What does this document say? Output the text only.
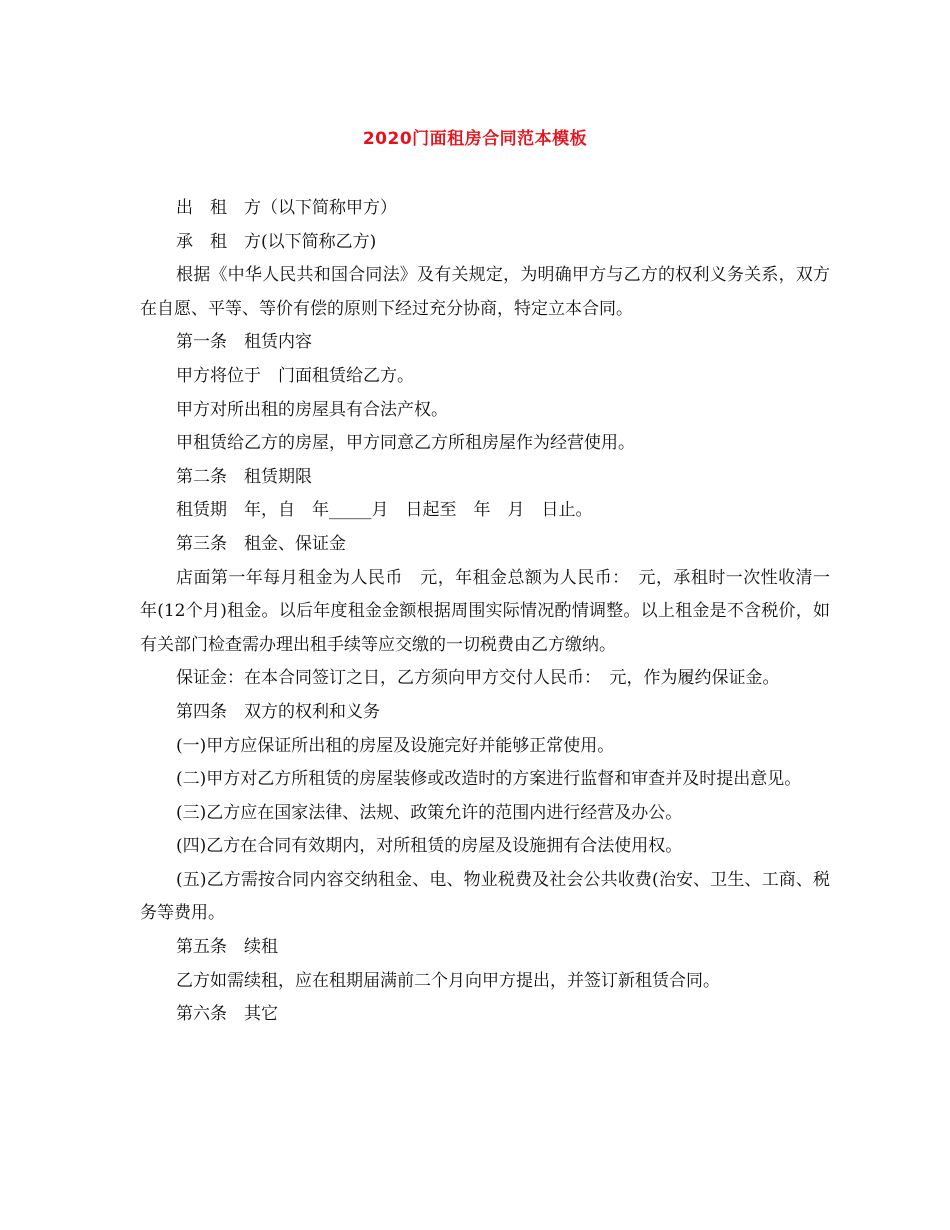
2020门面租房合同范本模板

出　租　方（以下简称甲方）

承　租　方(以下简称乙方)

根据《中华人民共和国合同法》及有关规定，为明确甲方与乙方的权利义务关系，双方在自愿、平等、等价有偿的原则下经过充分协商，特定立本合同。

第一条　租赁内容

甲方将位于　门面租赁给乙方。

甲方对所出租的房屋具有合法产权。

甲租赁给乙方的房屋，甲方同意乙方所租房屋作为经营使用。

第二条　租赁期限

租赁期　年，自　年_____月　日起至　年　月　日止。

第三条　租金、保证金

店面第一年每月租金为人民币　元，年租金总额为人民币：　元，承租时一次性收清一年(12个月)租金。以后年度租金金额根据周围实际情况酌情调整。以上租金是不含税价，如有关部门检查需办理出租手续等应交缴的一切税费由乙方缴纳。

保证金：在本合同签订之日，乙方须向甲方交付人民币：　元，作为履约保证金。

第四条　双方的权利和义务

(一)甲方应保证所出租的房屋及设施完好并能够正常使用。

(二)甲方对乙方所租赁的房屋装修或改造时的方案进行监督和审查并及时提出意见。

(三)乙方应在国家法律、法规、政策允许的范围内进行经营及办公。

(四)乙方在合同有效期内，对所租赁的房屋及设施拥有合法使用权。

(五)乙方需按合同内容交纳租金、电、物业税费及社会公共收费(治安、卫生、工商、税务等费用。

第五条　续租

乙方如需续租，应在租期届满前二个月向甲方提出，并签订新租赁合同。

第六条　其它
